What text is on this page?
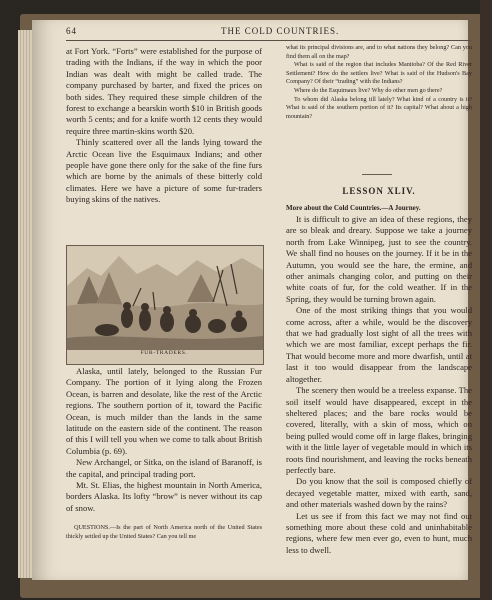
64	THE COLD COUNTRIES.

at Fort York. “Forts” were established for the purpose of trading with the Indians, if the way in which the poor Indian was dealt with might be called trade. The company purchased by barter, and fixed the prices on both sides. They required these simple children of the forest to exchange a bearskin worth $10 in British goods worth 5 cents; and for a knife worth 12 cents they would require three martin-skins worth $20.

Thinly scattered over all the lands lying toward the Arctic Ocean live the Esquimaux Indians; and other people have gone there only for the sake of the fine furs which are borne by the animals of these bitterly cold climates. Here we have a picture of some fur-traders buying skins of the natives.

FUR-TRADERS.

Alaska, until lately, belonged to the Russian Fur Company. The portion of it lying along the Frozen Ocean, is barren and desolate, like the rest of the Arctic regions. The southern portion of it, toward the Pacific Ocean, is much milder than the lands in the same latitude on the eastern side of the continent. The reason of this I will tell you when we come to talk about British Columbia (p. 69).

New Archangel, or Sitka, on the island of Baranoff, is the capital, and principal trading port.

Mt. St. Elias, the highest mountain in North America, borders Alaska. Its lofty “brow” is never without its cap of snow.

QUESTIONS.—Is the part of North America north of the United States thickly settled up the United States? Can you tell me

what its principal divisions are, and to what nations they belong? Can you find them all on the map?

What is said of the region that includes Manitoba? Of the Red River Settlement? How do the settlers live? What is said of the Hudson's Bay Company? Of their “trading” with the Indians?

Where do the Esquimaux live? Why do other men go there?

To whom did Alaska belong till lately? What kind of a country is it? What is said of the southern portion of it? Its capital? What about a high mountain?

LESSON XLIV.
More about the Cold Countries.—A Journey.

It is difficult to give an idea of these regions, they are so bleak and dreary. Suppose we take a journey north from Lake Winnipeg, just to see the country. We shall find no houses on the journey. If it be in the Autumn, you would see the hare, the ermine, and other animals changing color, and putting on their white coats of fur, for the cold weather. If in the Spring, they would be turning brown again.

One of the most striking things that you would come across, after a while, would be the discovery that we had gradually lost sight of all the trees with which we are most familiar, except perhaps the fir. That would become more and more dwarfish, until at last it too would disappear from the landscape altogether.

The scenery then would be a treeless expanse. The soil itself would have disappeared, except in the sheltered places; and the bare rocks would be covered, literally, with a skin of moss, which on being pulled would come off in large flakes, bringing with it the little layer of vegetable mould in which its roots find nourishment, and leaving the rocks beneath perfectly bare.

Do you know that the soil is composed chiefly of decayed vegetable matter, mixed with earth, sand, and other materials washed down by the rains?

Let us see if from this fact we may not find out something more about these cold and uninhabitable regions, where few men ever go, even to hunt, much less to dwell.
